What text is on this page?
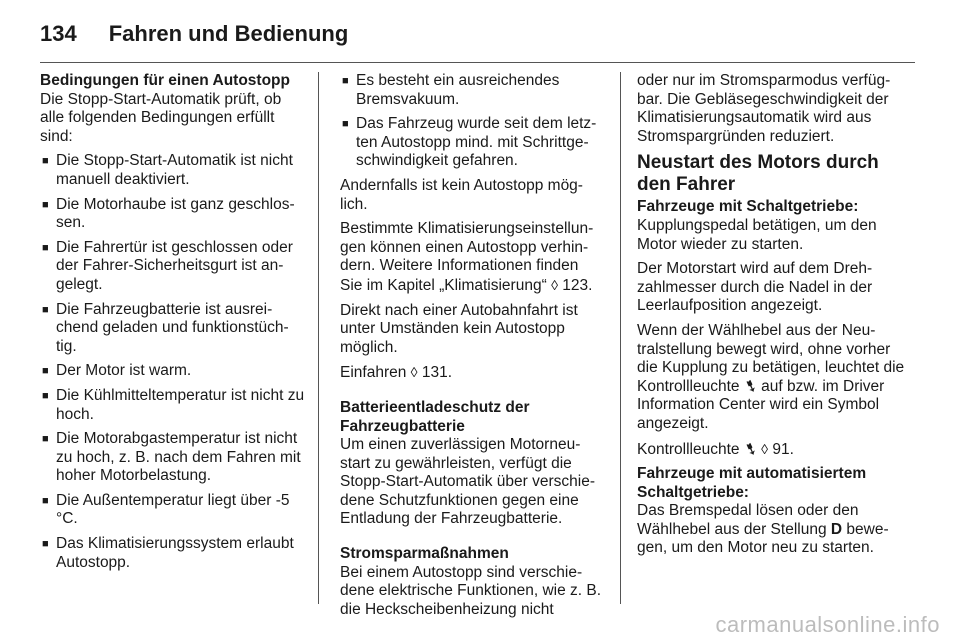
134 Fahren und Bedienung
Bedingungen für einen Autostopp

Die Stopp-Start-Automatik prüft, ob alle folgenden Bedingungen erfüllt sind:

■ Die Stopp-Start-Automatik ist nicht manuell deaktiviert.
■ Die Motorhaube ist ganz geschlos-sen.
■ Die Fahrertür ist geschlossen oder der Fahrer-Sicherheitsgurt ist an-gelegt.
■ Die Fahrzeugbatterie ist ausrei-chend geladen und funktionstüch-tig.
■ Der Motor ist warm.
■ Die Kühlmitteltemperatur ist nicht zu hoch.
■ Die Motorabgastemperatur ist nicht zu hoch, z. B. nach dem Fahren mit hoher Motorbelastung.
■ Die Außentemperatur liegt über -5 °C.
■ Das Klimatisierungssystem erlaubt Autostopp.
■ Es besteht ein ausreichendes Bremsvakuum.
■ Das Fahrzeug wurde seit dem letz-ten Autostopp mind. mit Schrittge-schwindigkeit gefahren.

Andernfalls ist kein Autostopp mög-lich.

Bestimmte Klimatisierungseinstellun-gen können einen Autostopp verhin-dern. Weitere Informationen finden Sie im Kapitel „Klimatisierung“ ◊ 123.

Direkt nach einer Autobahnfahrt ist unter Umständen kein Autostopp möglich.

Einfahren ◊ 131.

Batterieentladeschutz der Fahrzeugbatterie

Um einen zuverlässigen Motorneu-start zu gewährleisten, verfügt die Stopp-Start-Automatik über verschie-dene Schutzfunktionen gegen eine Entladung der Fahrzeugbatterie.

Stromsparmaßnahmen

Bei einem Autostopp sind verschie-dene elektrische Funktionen, wie z. B. die Heckscheibenheizung nicht

oder nur im Stromsparmodus verfüg-bar. Die Gebläsegeschwindigkeit der Klimatisierungsautomatik wird aus Stromspargründen reduziert.

Neustart des Motors durch den Fahrer
Fahrzeuge mit Schaltgetriebe:

Kupplungspedal betätigen, um den Motor wieder zu starten.

Der Motorstart wird auf dem Dreh-zahlmesser durch die Nadel in der Leerlaufposition angezeigt.

Wenn der Wählhebel aus der Neu-tralstellung bewegt wird, ohne vorher die Kupplung zu betätigen, leuchtet die Kontrollleuchte ➷ auf bzw. im Driver Information Center wird ein Symbol angezeigt.

Kontrollleuchte ➷ ◊ 91.

Fahrzeuge mit automatisiertem Schaltgetriebe:

Das Bremspedal lösen oder den Wählhebel aus der Stellung D bewe-gen, um den Motor neu zu starten.

carmanualsonline.info
